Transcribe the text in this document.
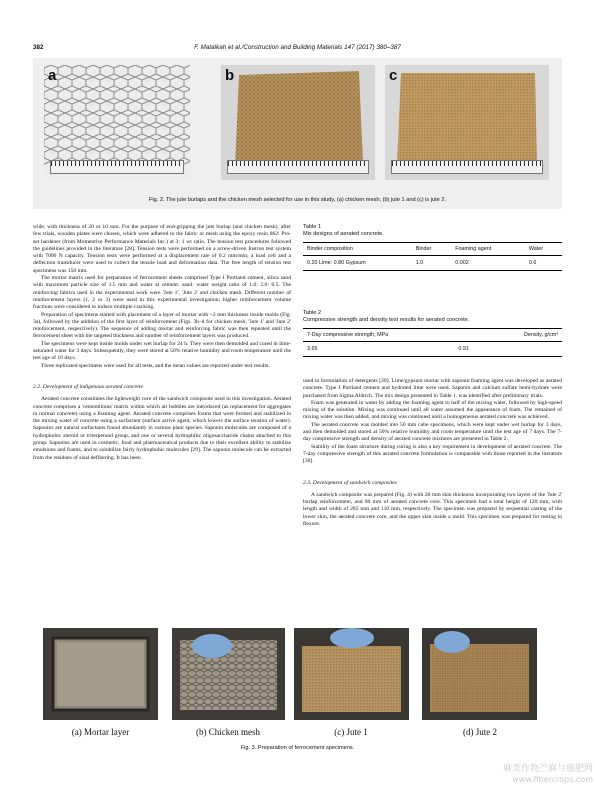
382	F. Matalkah et al./Construction and Building Materials 147 (2017) 380–387
a	b	c
Fig. 2. The jute burlaps and the chicken mesh selected for use in this study, (a) chicken mesh; (b) jute 1 and (c) is jute 2.

wide, with thickness of 20 or 10 mm. For the purpose of end-gripping the jute burlap (and chicken mesh), after few trials, wooden plates were chosen, which were adhered to the fabric or mesh using the epoxy resin 862: Pro-set hardener (from Momentive Performance Materials Inc.) at 3: 1 wt ratio. The tension test procedures followed the guidelines provided in the literature [28]. Tension tests were performed on a screw-driven Instron test system with 7000 N capacity. Tension tests were performed at a displacement rate of 0.2 mm/min; a load cell and a deflection transducer were used to collect the tensile load and deformation data. The free length of tension test specimens was 150 mm.

The mortar matrix used for preparation of ferrocement sheets comprised Type I Portland cement, silica sand with maximum particle size of 1.5 mm and water at cement: sand: water weight ratio of 1.0: 2.0: 0.5. The reinforcing fabrics used in the experimental work were 'Jute 1', 'Jute 2' and chicken mesh. Different number of reinforcement layers (1, 2 or 3) were used in this experimental investigation; higher reinforcement volume fractions were considered to induce multiple cracking.

Preparation of specimens started with placement of a layer of mortar with ~2 mm thickness inside molds (Fig. 3a), followed by the addition of the first layer of reinforcement (Figs. 3b–d for chicken mesh, 'Jute 1' and 'Jute 2' reinforcement, respectively). The sequence of adding mortar and reinforcing fabric was then repeated until the ferrocement sheet with the targeted thickness and number of reinforcement layers was produced.

The specimens were kept inside molds under wet burlap for 24 h. They were then demolded and cured in lime-saturated water for 3 days. Subsequently, they were stored at 50% relative humidity and room temperature until the test age of 10 days.

Three replicated specimens were used for all tests, and the mean values are reported under test results.

2.2. Development of indigenous aerated concrete

Aerated concrete constitutes the lightweight core of the sandwich composite used in this investigation. Aerated concrete comprises a 'cementitious' matrix within which air bubbles are introduced (as replacement for aggregates in normal concrete) using a foaming agent. Aerated concrete comprises foams that were formed and stabilized in the mixing water of concrete using a surfactant (surface active agent, which lowers the surface tension of water). Saponins are natural surfactants found abundantly in various plant species. Saponin molecules are composed of a hydrophobic steroid or triterpenoid group, and one or several hydrophilic oligosaccharide chains attached to this group. Saponins are used in cosmetic, food and pharmaceutical products due to their excellent ability to stabilize emulsions and foams, and to solubilize fairly hydrophobic molecules [29]. The saponin molecule can be extracted from the residues of sisal defibering. It has been

Table 1
Mix designs of aerated concrete.
Binder composition	Binder	Foaming agent	Water
0.20 Lime: 0.80 Gypsum	1.0	0.002	0.6
Table 2
Compressive strength and density test results for aerated concrete.
7-Day compressive strength, MPa	Density, g/cm³
3.65	0.91

used in formulation of detergents [20]. Lime/gypsum mortar with saponin foaming agent was developed as aerated concrete. Type I Portland cement and hydrated lime were used. Saponin and calcium sulfate hemi-hydrate were purchased from Sigma Aldrich. The mix design presented in Table 1. was identified after preliminary trials.

Foam was generated in water by adding the foaming agent to half of the mixing water, followed by high-speed mixing of the solution. Mixing was continued until all water assumed the appearance of foam. The remained of mixing water was then added, and mixing was continued until a homogeneous aerated concrete was achieved.

The aerated concrete was molded into 50 mm cube specimens, which were kept under wet burlap for 3 days, and then demolded and stored at 50% relative humidity and room temperature until the test age of 7 days. The 7-day compressive strength and density of aerated concrete mixtures are presented in Table 2.

Stability of the foam structure during curing is also a key requirement in development of aerated concrete. The 7-day compressive strength of this aerated concrete formulation is comparable with those reported in the literature [30].

2.3. Development of sandwich composites

A sandwich composite was prepared (Fig. 4) with 20 mm skin thickness incorporating two layers of the 'Jute 2' burlap reinforcement, and 80 mm of aerated concrete core. This specimen had a total height of 120 mm, with length and width of 285 mm and 110 mm, respectively. The specimen was prepared by sequential casting of the lower skin, the aerated concrete core, and the upper skin inside a mold. This specimen was prepared for testing in flexure.

(a) Mortar layer	(b) Chicken mesh	(c) Jute 1	(d) Jute 2
Fig. 3. Preparation of ferrocement specimens.
麻类作物苎麻与施肥网
www.fibercrops.com
